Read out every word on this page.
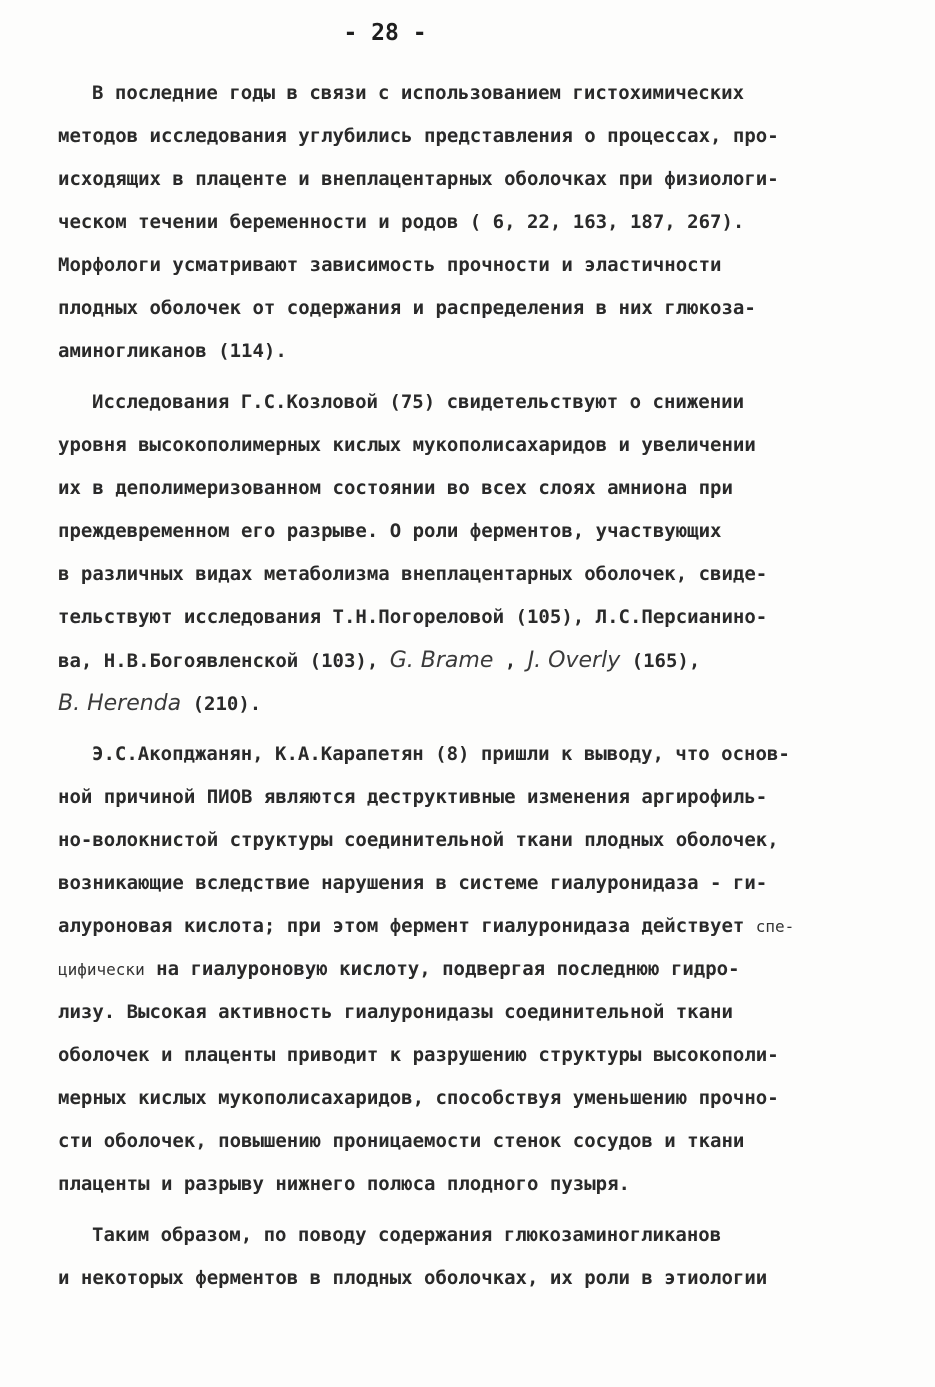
- 28 -
В последние годы в связи с использованием гистохимических
методов исследования углубились представления о процессах, про-
исходящих в плаценте и внеплацентарных оболочках при физиологи-
ческом течении беременности и родов ( 6, 22, 163, 187, 267).
Морфологи усматривают зависимость прочности и эластичности
плодных оболочек от содержания и распределения в них глюкоза-
аминогликанов (114).
Исследования Г.С.Козловой (75) свидетельствуют о снижении
уровня высокополимерных кислых мукополисахаридов и увеличении
их в деполимеризованном состоянии во всех слоях амниона при
преждевременном его разрыве. О роли ферментов, участвующих
в различных видах метаболизма внеплацентарных оболочек, свиде-
тельствуют исследования Т.Н.Погореловой (105), Л.С.Персианино-
ва, Н.В.Богоявленской (103), G. Brame , J. Overly (165),
B. Herenda (210).
Э.С.Акопджанян, К.А.Карапетян (8) пришли к выводу, что основ-
ной причиной ПИОВ являются деструктивные изменения аргирофиль-
но-волокнистой структуры соединительной ткани плодных оболочек,
возникающие вследствие нарушения в системе гиалуронидаза - ги-
алуроновая кислота; при этом фермент гиалуронидаза действует спе-
цифически на гиалуроновую кислоту, подвергая последнюю гидро-
лизу. Высокая активность гиалуронидазы соединительной ткани
оболочек и плаценты приводит к разрушению структуры высокополи-
мерных кислых мукополисахаридов, способствуя уменьшению прочно-
сти оболочек, повышению проницаемости стенок сосудов и ткани
плаценты и разрыву нижнего полюса плодного пузыря.
Таким образом, по поводу содержания глюкозаминогликанов
и некоторых ферментов в плодных оболочках, их роли в этиологии
